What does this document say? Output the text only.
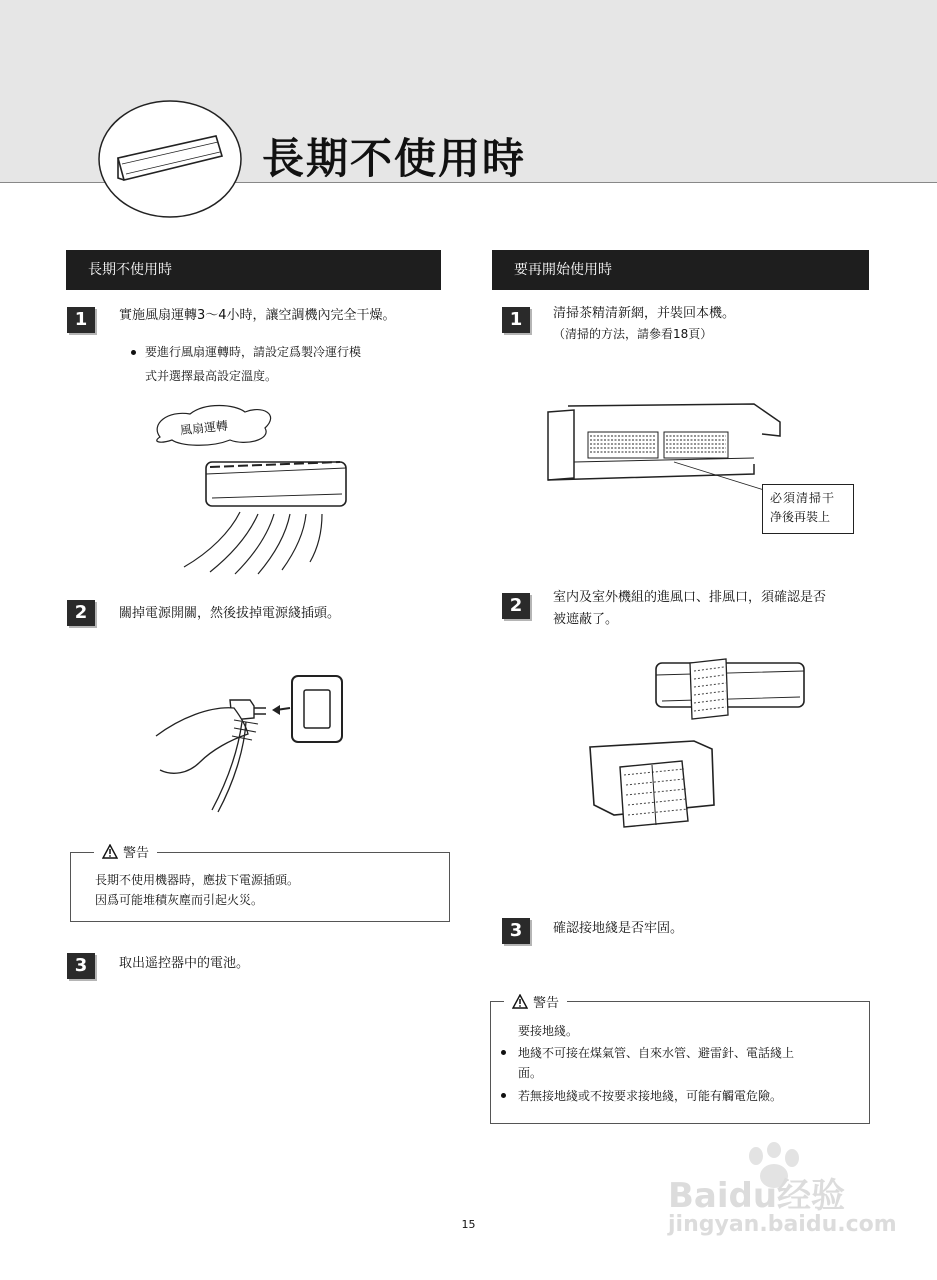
長期不使用時
長期不使用時
1	實施風扇運轉3～4小時，讓空調機內完全干燥。
要進行風扇運轉時，請設定爲製冷運行模
式并選擇最高設定溫度。
風扇運轉
2	關掉電源開關，然後拔掉電源綫插頭。
警告
長期不使用機器時，應拔下電源插頭。
因爲可能堆積灰塵而引起火災。
3	取出遥控器中的電池。
要再開始使用時
1	清掃茶精清新網，并裝回本機。
（清掃的方法，請參看18頁）
必須清掃干
净後再裝上
2	室内及室外機組的進風口、排風口，須確認是否
被遮蔽了。
3	確認接地綫是否牢固。
警告
要接地綫。
地綫不可接在煤氣管、自來水管、避雷針、電話綫上
面。
若無接地綫或不按要求接地綫，可能有觸電危險。
Baidu经验
jingyan.baidu.com
15
